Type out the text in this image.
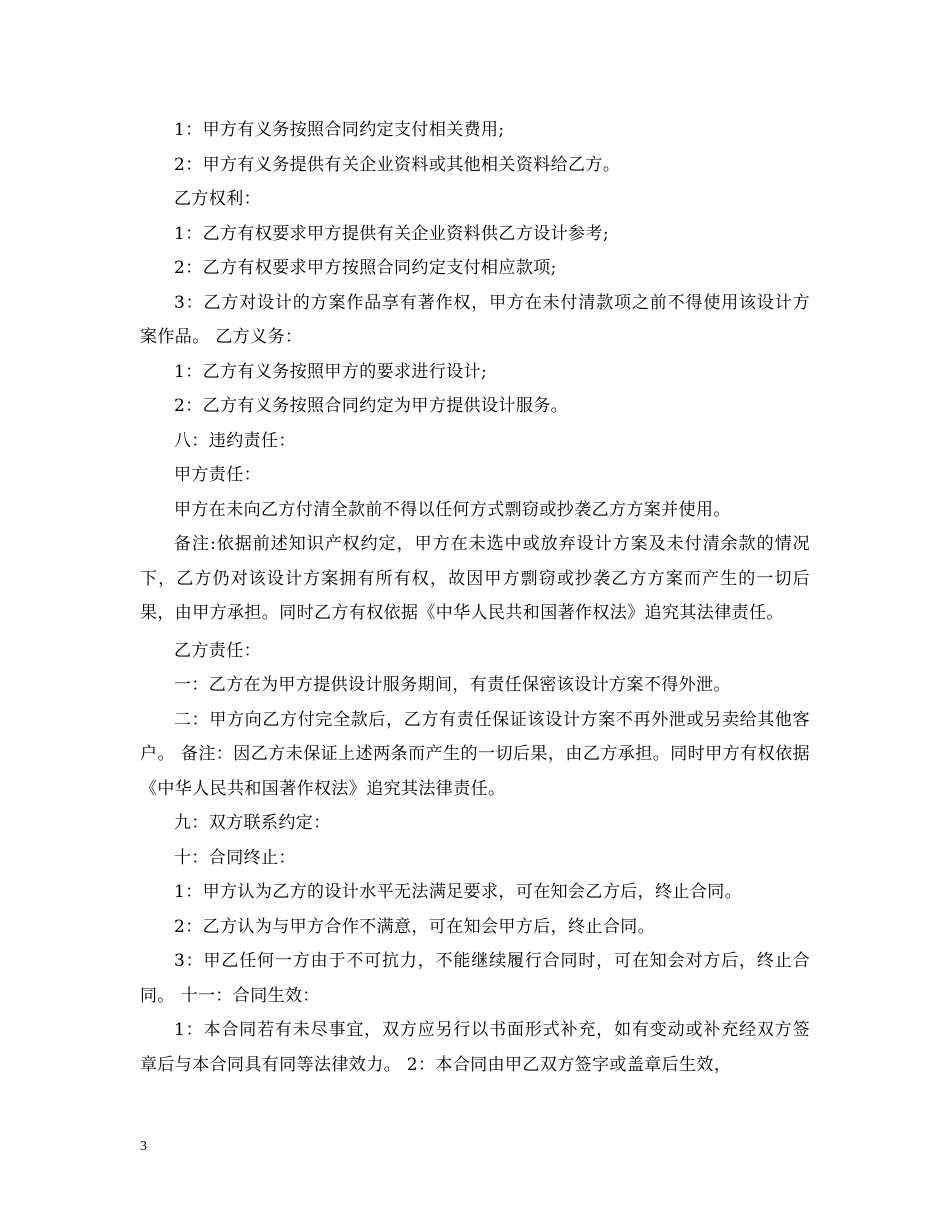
1：甲方有义务按照合同约定支付相关费用;

2：甲方有义务提供有关企业资料或其他相关资料给乙方。

乙方权利：

1：乙方有权要求甲方提供有关企业资料供乙方设计参考;

2：乙方有权要求甲方按照合同约定支付相应款项;

3：乙方对设计的方案作品享有著作权，甲方在未付清款项之前不得使用该设计方案作品。 乙方义务：

1：乙方有义务按照甲方的要求进行设计;

2：乙方有义务按照合同约定为甲方提供设计服务。

八：违约责任：

甲方责任：

甲方在未向乙方付清全款前不得以任何方式剽窃或抄袭乙方方案并使用。

备注:依据前述知识产权约定，甲方在未选中或放弃设计方案及未付清余款的情况下，乙方仍对该设计方案拥有所有权，故因甲方剽窃或抄袭乙方方案而产生的一切后果，由甲方承担。同时乙方有权依据《中华人民共和国著作权法》追究其法律责任。

乙方责任：

一：乙方在为甲方提供设计服务期间，有责任保密该设计方案不得外泄。

二：甲方向乙方付完全款后，乙方有责任保证该设计方案不再外泄或另卖给其他客户。 备注：因乙方未保证上述两条而产生的一切后果，由乙方承担。同时甲方有权依据《中华人民共和国著作权法》追究其法律责任。

九：双方联系约定：

十：合同终止：

1：甲方认为乙方的设计水平无法满足要求，可在知会乙方后，终止合同。

2：乙方认为与甲方合作不满意，可在知会甲方后，终止合同。

3：甲乙任何一方由于不可抗力，不能继续履行合同时，可在知会对方后，终止合同。 十一：合同生效：

1：本合同若有未尽事宜，双方应另行以书面形式补充，如有变动或补充经双方签章后与本合同具有同等法律效力。 2：本合同由甲乙双方签字或盖章后生效，

3
